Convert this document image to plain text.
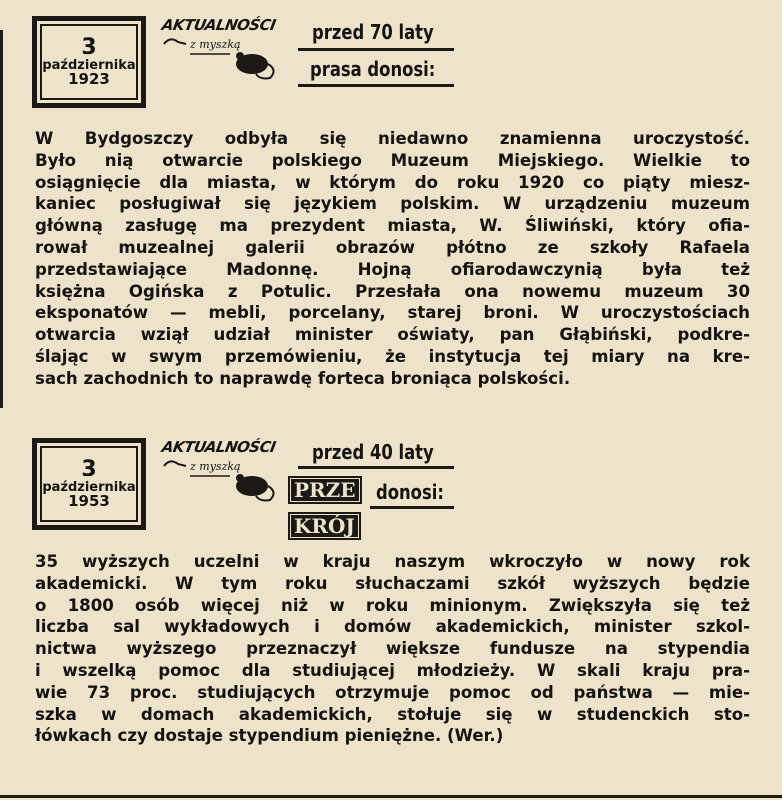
3
października
1923
AKTUALNOŚCI
z myszką
przed 70 laty
prasa donosi:
W Bydgoszczy odbyła się niedawno znamienna uroczystość.
Było nią otwarcie polskiego Muzeum Miejskiego. Wielkie to
osiągnięcie dla miasta, w którym do roku 1920 co piąty miesz-
kaniec posługiwał się językiem polskim. W urządzeniu muzeum
główną zasługę ma prezydent miasta, W. Śliwiński, który ofia-
rował muzealnej galerii obrazów płótno ze szkoły Rafaela
przedstawiające Madonnę. Hojną ofiarodawczynią była też
księżna Ogińska z Potulic. Przesłała ona nowemu muzeum 30
eksponatów — mebli, porcelany, starej broni. W uroczystościach
otwarcia wziął udział minister oświaty, pan Głąbiński, podkre-
ślając w swym przemówieniu, że instytucja tej miary na kre-
sach zachodnich to naprawdę forteca broniąca polskości.
3
października
1953
AKTUALNOŚCI
z myszką
przed 40 laty
PRZE	donosi:
KRÓJ
35 wyższych uczelni w kraju naszym wkroczyło w nowy rok
akademicki. W tym roku słuchaczami szkół wyższych będzie
o 1800 osób więcej niż w roku minionym. Zwiększyła się też
liczba sal wykładowych i domów akademickich, minister szkol-
nictwa wyższego przeznaczył większe fundusze na stypendia
i wszelką pomoc dla studiującej młodzieży. W skali kraju pra-
wie 73 proc. studiujących otrzymuje pomoc od państwa — mie-
szka w domach akademickich, stołuje się w studenckich sto-
łówkach czy dostaje stypendium pieniężne. (Wer.)
